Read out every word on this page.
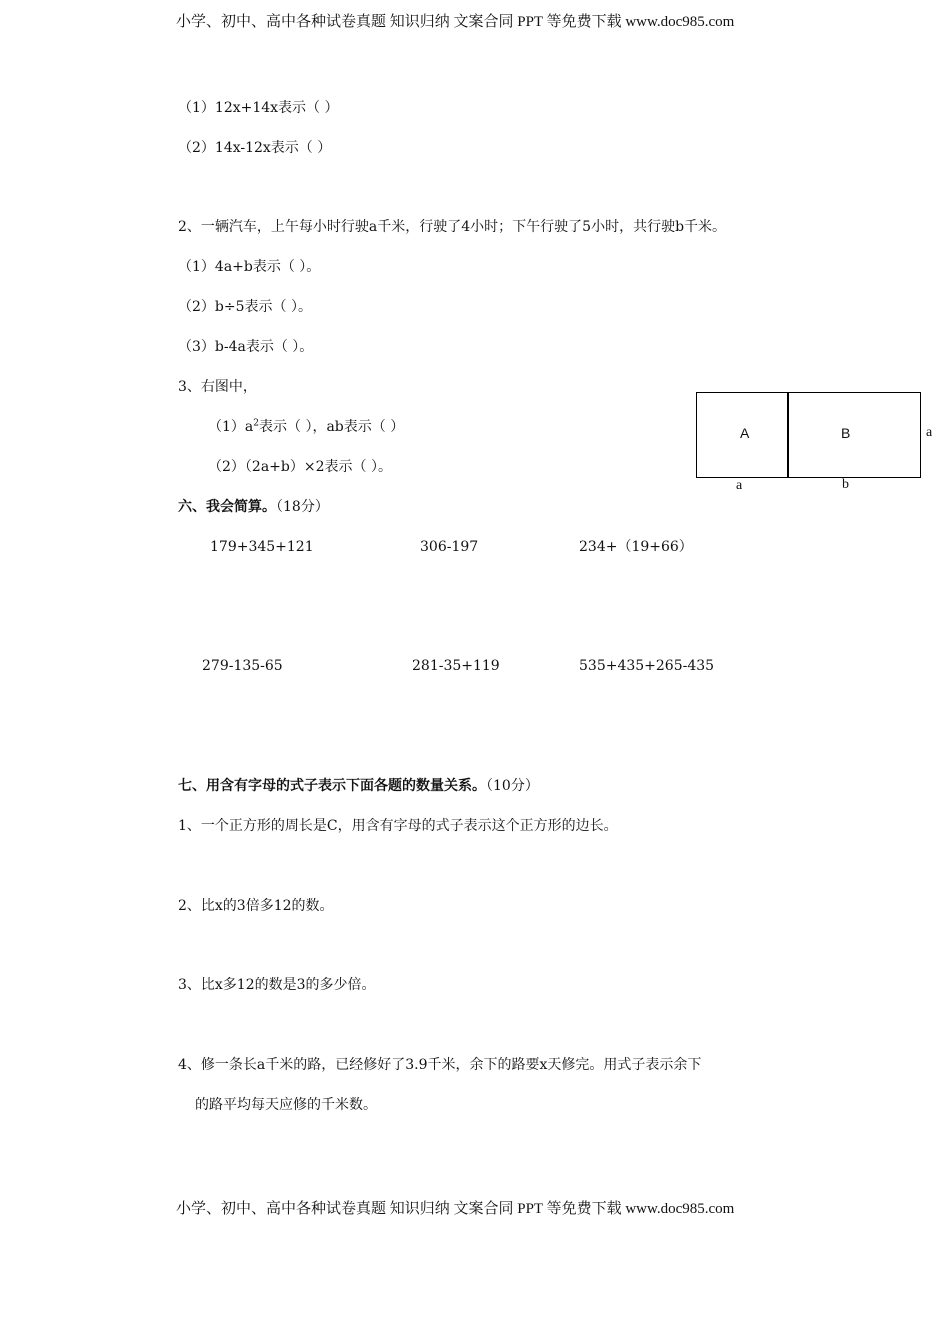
小学、初中、高中各种试卷真题 知识归纳 文案合同 PPT 等免费下载 www.doc985.com
（1）12x+14x表示（ ）
（2）14x-12x表示（ ）
2、一辆汽车，上午每小时行驶a千米，行驶了4小时；下午行驶了5小时，共行驶b千米。
（1）4a+b表示（ ）。
（2）b÷5表示（ ）。
（3）b-4a表示（ ）。
3、右图中，
$(1)a^2$表示（ ），ab表示（ ）
（2）（2a+b）×2表示（ ）。
A	B
a	b
a
六、我会简算。（18分）
179+345+121	306-197	234+（19+66）
279-135-65	281-35+119	535+435+265-435
七、用含有字母的式子表示下面各题的数量关系。（10分）
1、一个正方形的周长是C，用含有字母的式子表示这个正方形的边长。
2、比x的3倍多12的数。
3、比x多12的数是3的多少倍。
4、修一条长a千米的路，已经修好了3.9千米，余下的路要x天修完。用式子表示余下
的路平均每天应修的千米数。
小学、初中、高中各种试卷真题 知识归纳 文案合同 PPT 等免费下载 www.doc985.com
